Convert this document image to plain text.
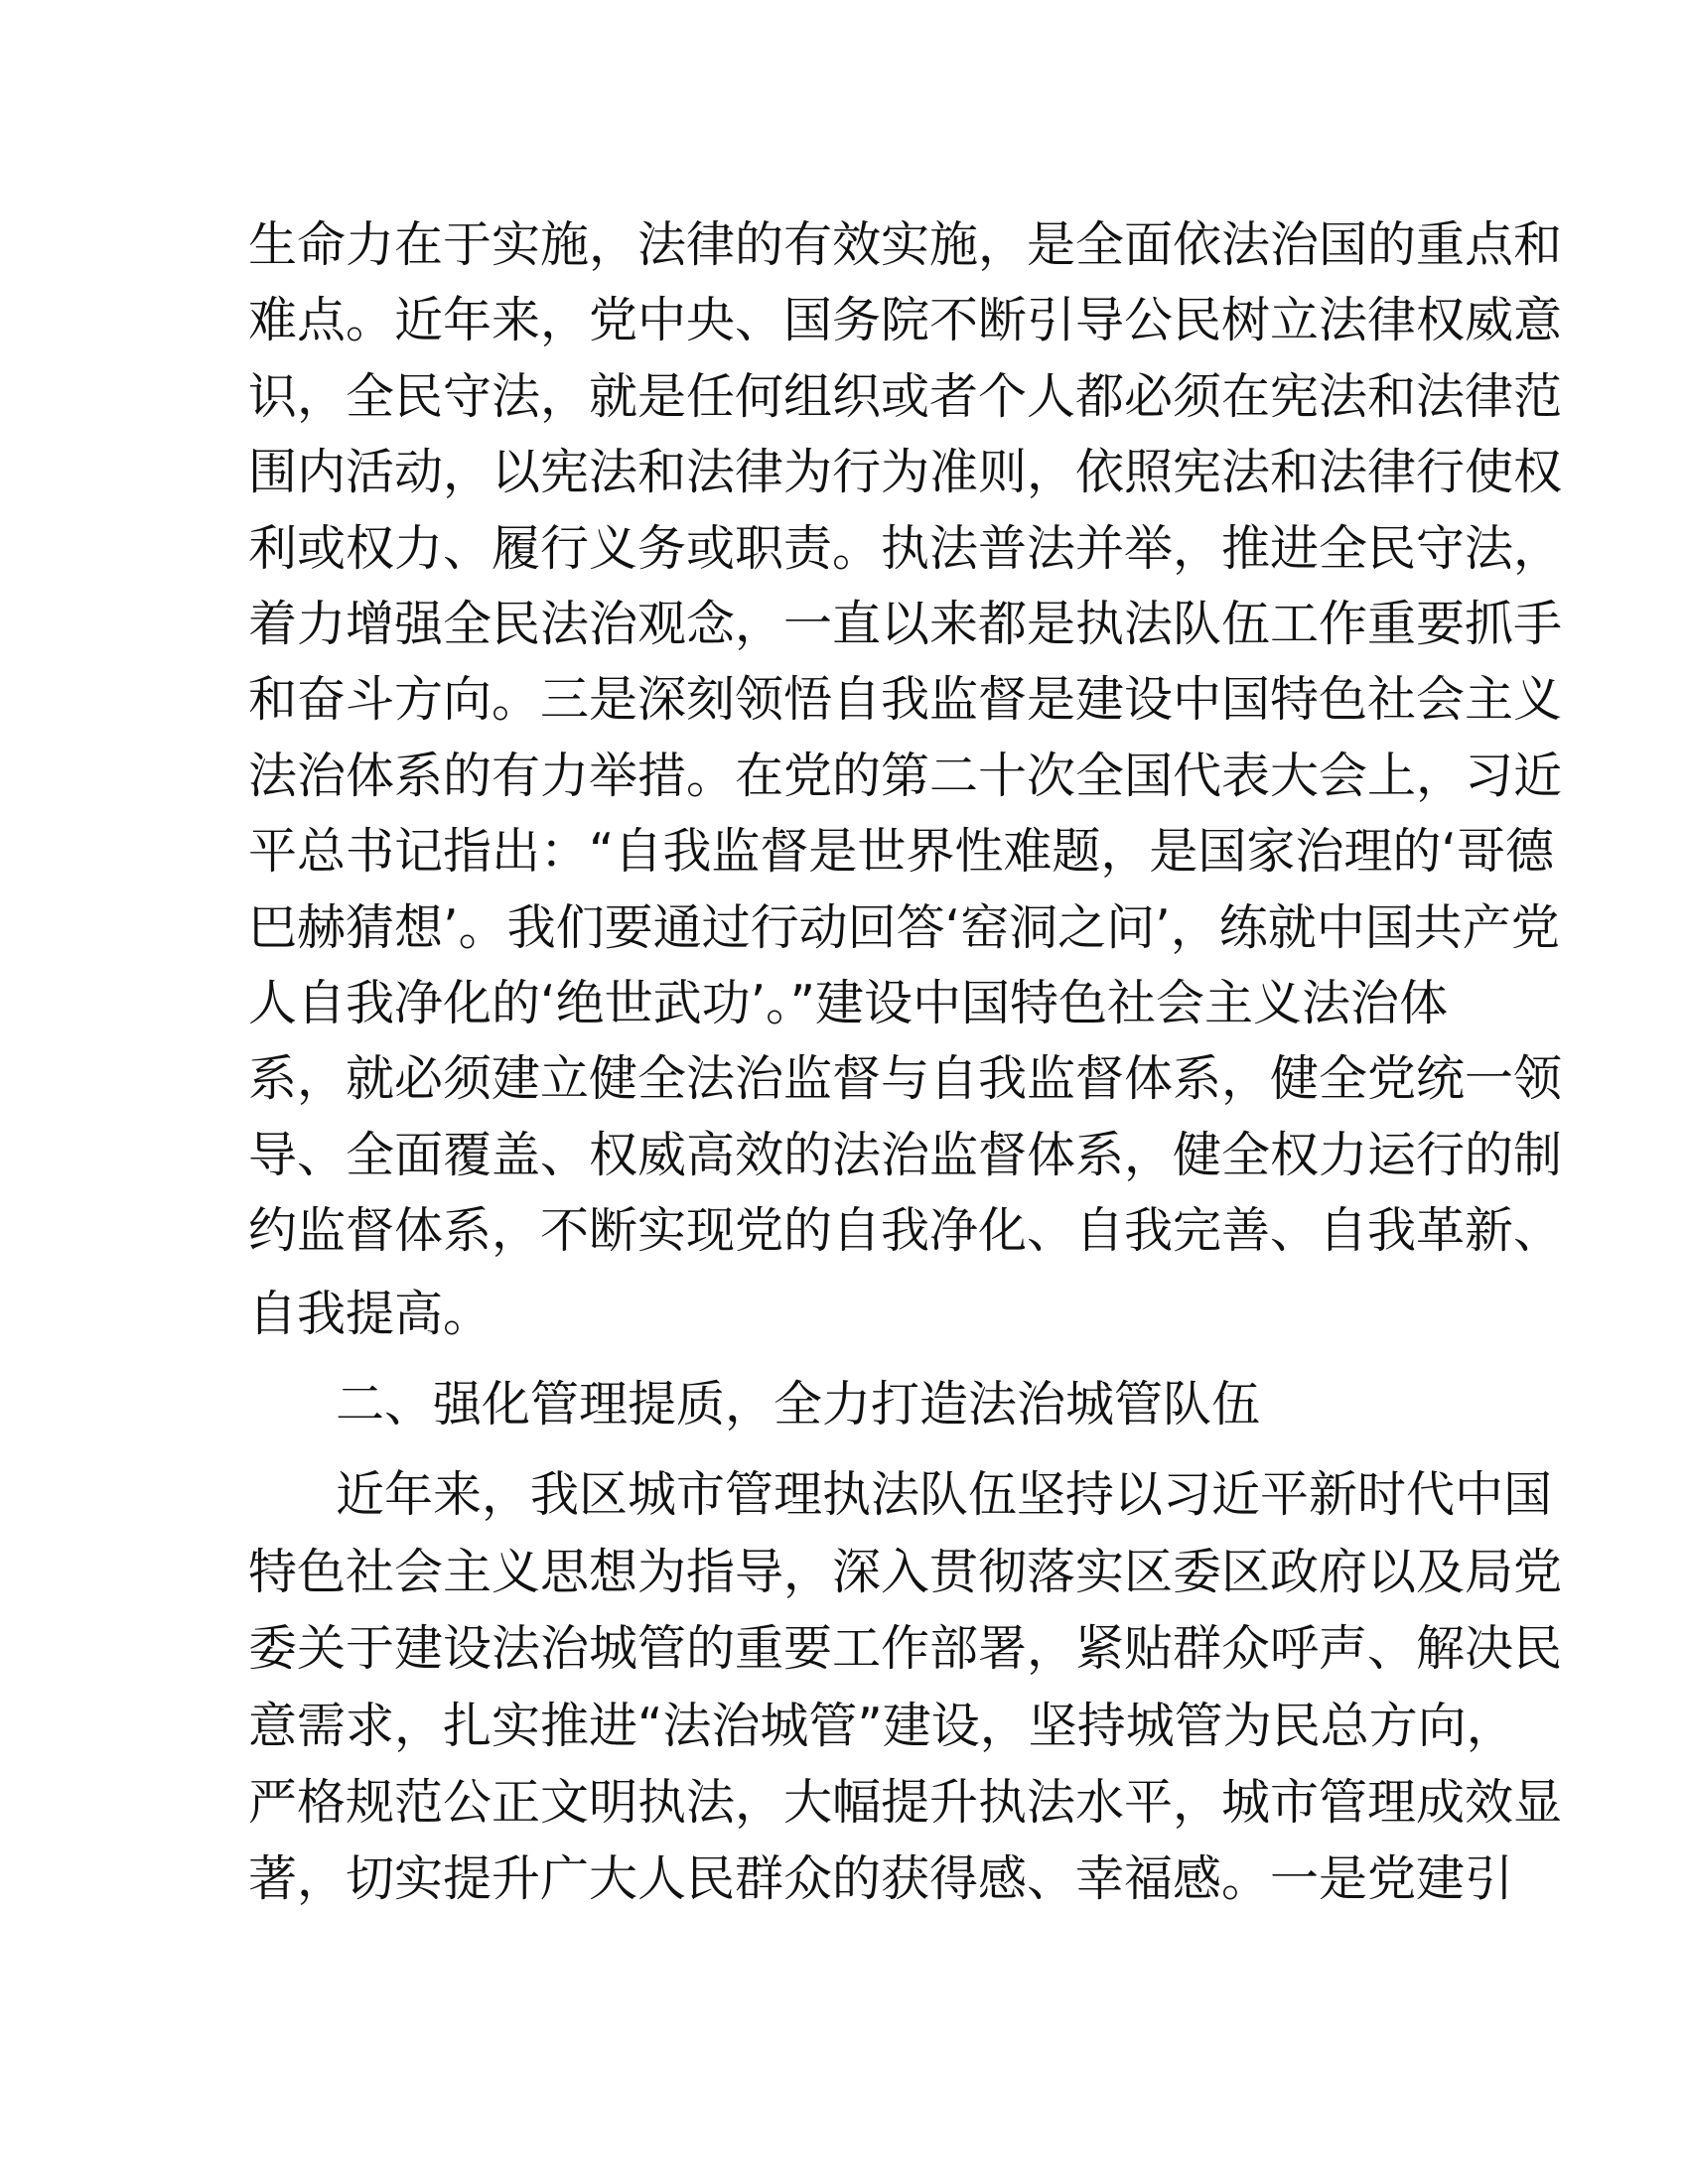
生命力在于实施，法律的有效实施，是全面依法治国的重点和
难点。近年来，党中央、国务院不断引导公民树立法律权威意
识，全民守法，就是任何组织或者个人都必须在宪法和法律范
围内活动，以宪法和法律为行为准则，依照宪法和法律行使权
利或权力、履行义务或职责。执法普法并举，推进全民守法，
着力增强全民法治观念，一直以来都是执法队伍工作重要抓手
和奋斗方向。三是深刻领悟自我监督是建设中国特色社会主义
法治体系的有力举措。在党的第二十次全国代表大会上，习近
平总书记指出：“自我监督是世界性难题，是国家治理的‘哥德
巴赫猜想’。我们要通过行动回答‘窑洞之问’，练就中国共产党
人自我净化的‘绝世武功’。”建设中国特色社会主义法治体
系，就必须建立健全法治监督与自我监督体系，健全党统一领
导、全面覆盖、权威高效的法治监督体系，健全权力运行的制
约监督体系，不断实现党的自我净化、自我完善、自我革新、
自我提高。
二、强化管理提质，全力打造法治城管队伍
近年来，我区城市管理执法队伍坚持以习近平新时代中国
特色社会主义思想为指导，深入贯彻落实区委区政府以及局党
委关于建设法治城管的重要工作部署，紧贴群众呼声、解决民
意需求，扎实推进“法治城管”建设，坚持城管为民总方向，
严格规范公正文明执法，大幅提升执法水平，城市管理成效显
著，切实提升广大人民群众的获得感、幸福感。一是党建引
